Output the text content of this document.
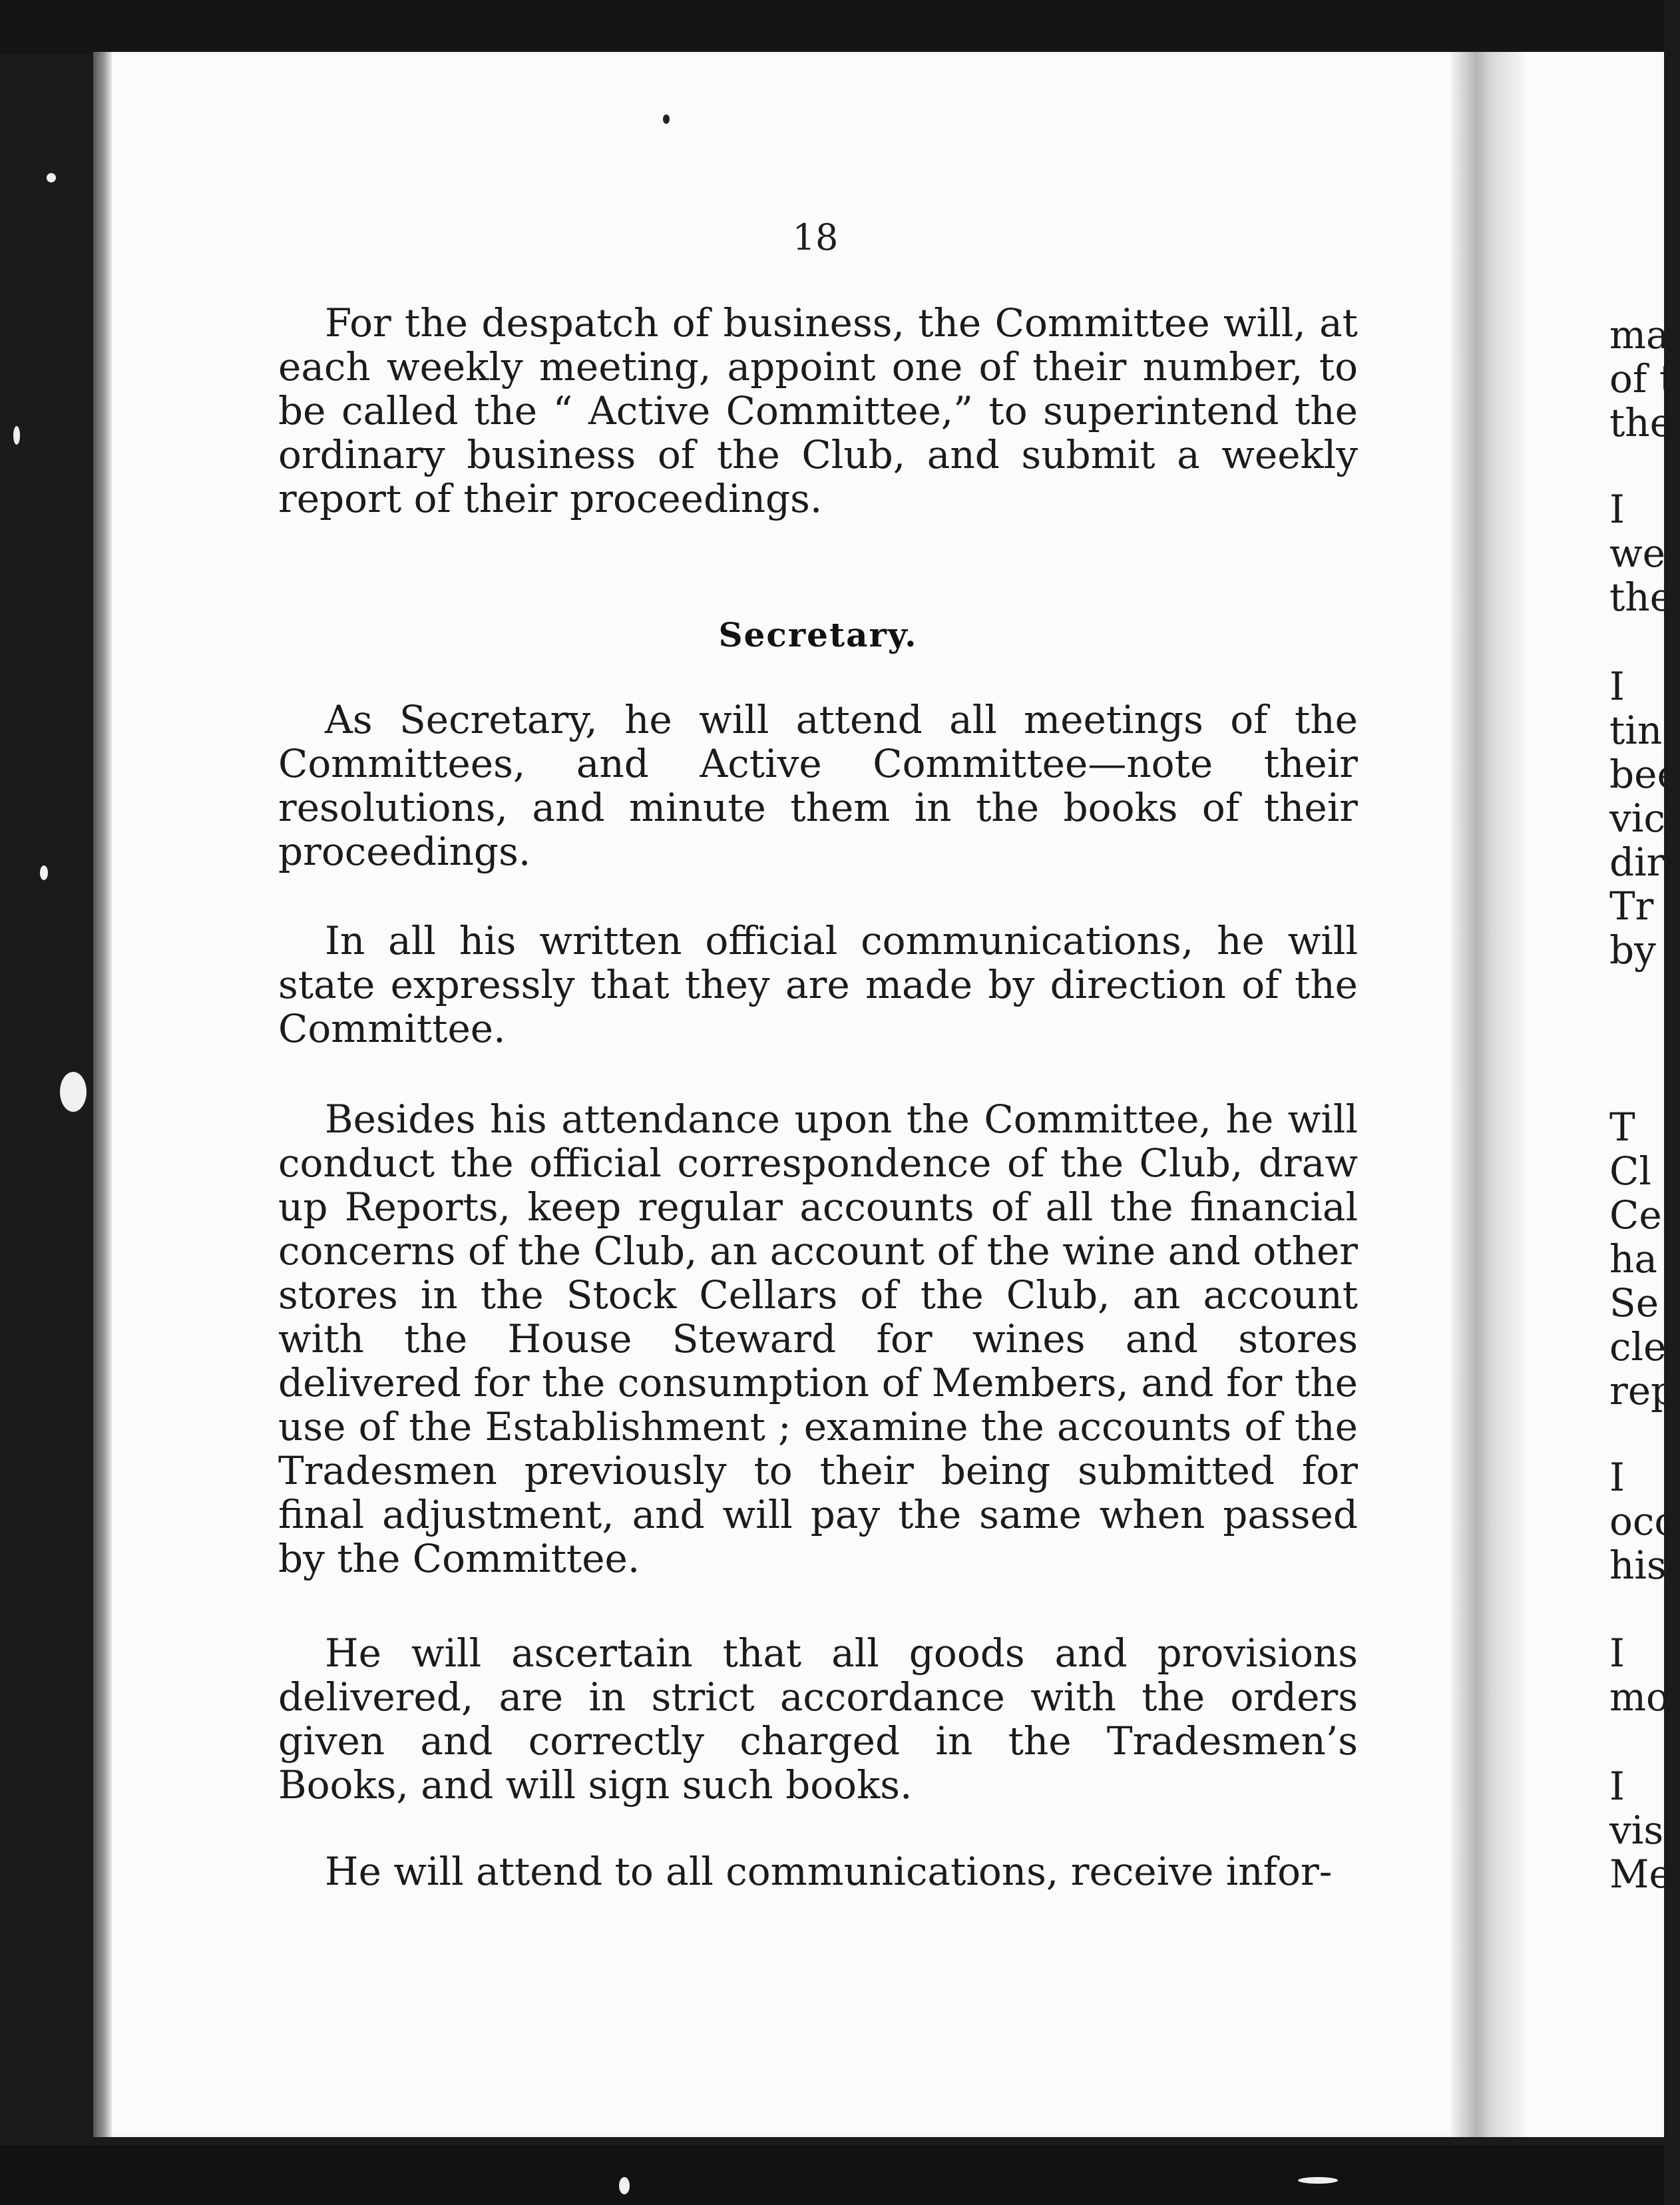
18

For the despatch of business, the Committee will, at each weekly meeting, appoint one of their number, to be called the “ Active Committee,” to superintend the ordinary business of the Club, and submit a weekly report of their proceedings.

Secretary.

As Secretary, he will attend all meetings of the Committees, and Active Committee—note their resolutions, and minute them in the books of their proceedings.

In all his written official communications, he will state expressly that they are made by direction of the Committee.

Besides his attendance upon the Committee, he will conduct the official correspondence of the Club, draw up Reports, keep regular accounts of all the financial concerns of the Club, an account of the wine and other stores in the Stock Cellars of the Club, an account with the House Steward for wines and stores delivered for the consumption of Members, and for the use of the Establishment ; examine the accounts of the Tradesmen previously to their being submitted for final adjustment, and will pay the same when passed by the Committee.

He will ascertain that all goods and provisions delivered, are in strict accordance with the orders given and correctly charged in the Tradesmen’s Books, and will sign such books.

He will attend to all communications, receive infor-

ma
of t
the
I
we
the
I
tin
bee
vic
dir
Tr
by
T
Cl
Ce
ha
Se
cle
rep
I
occ
his
I
mo
I
vis
Me
